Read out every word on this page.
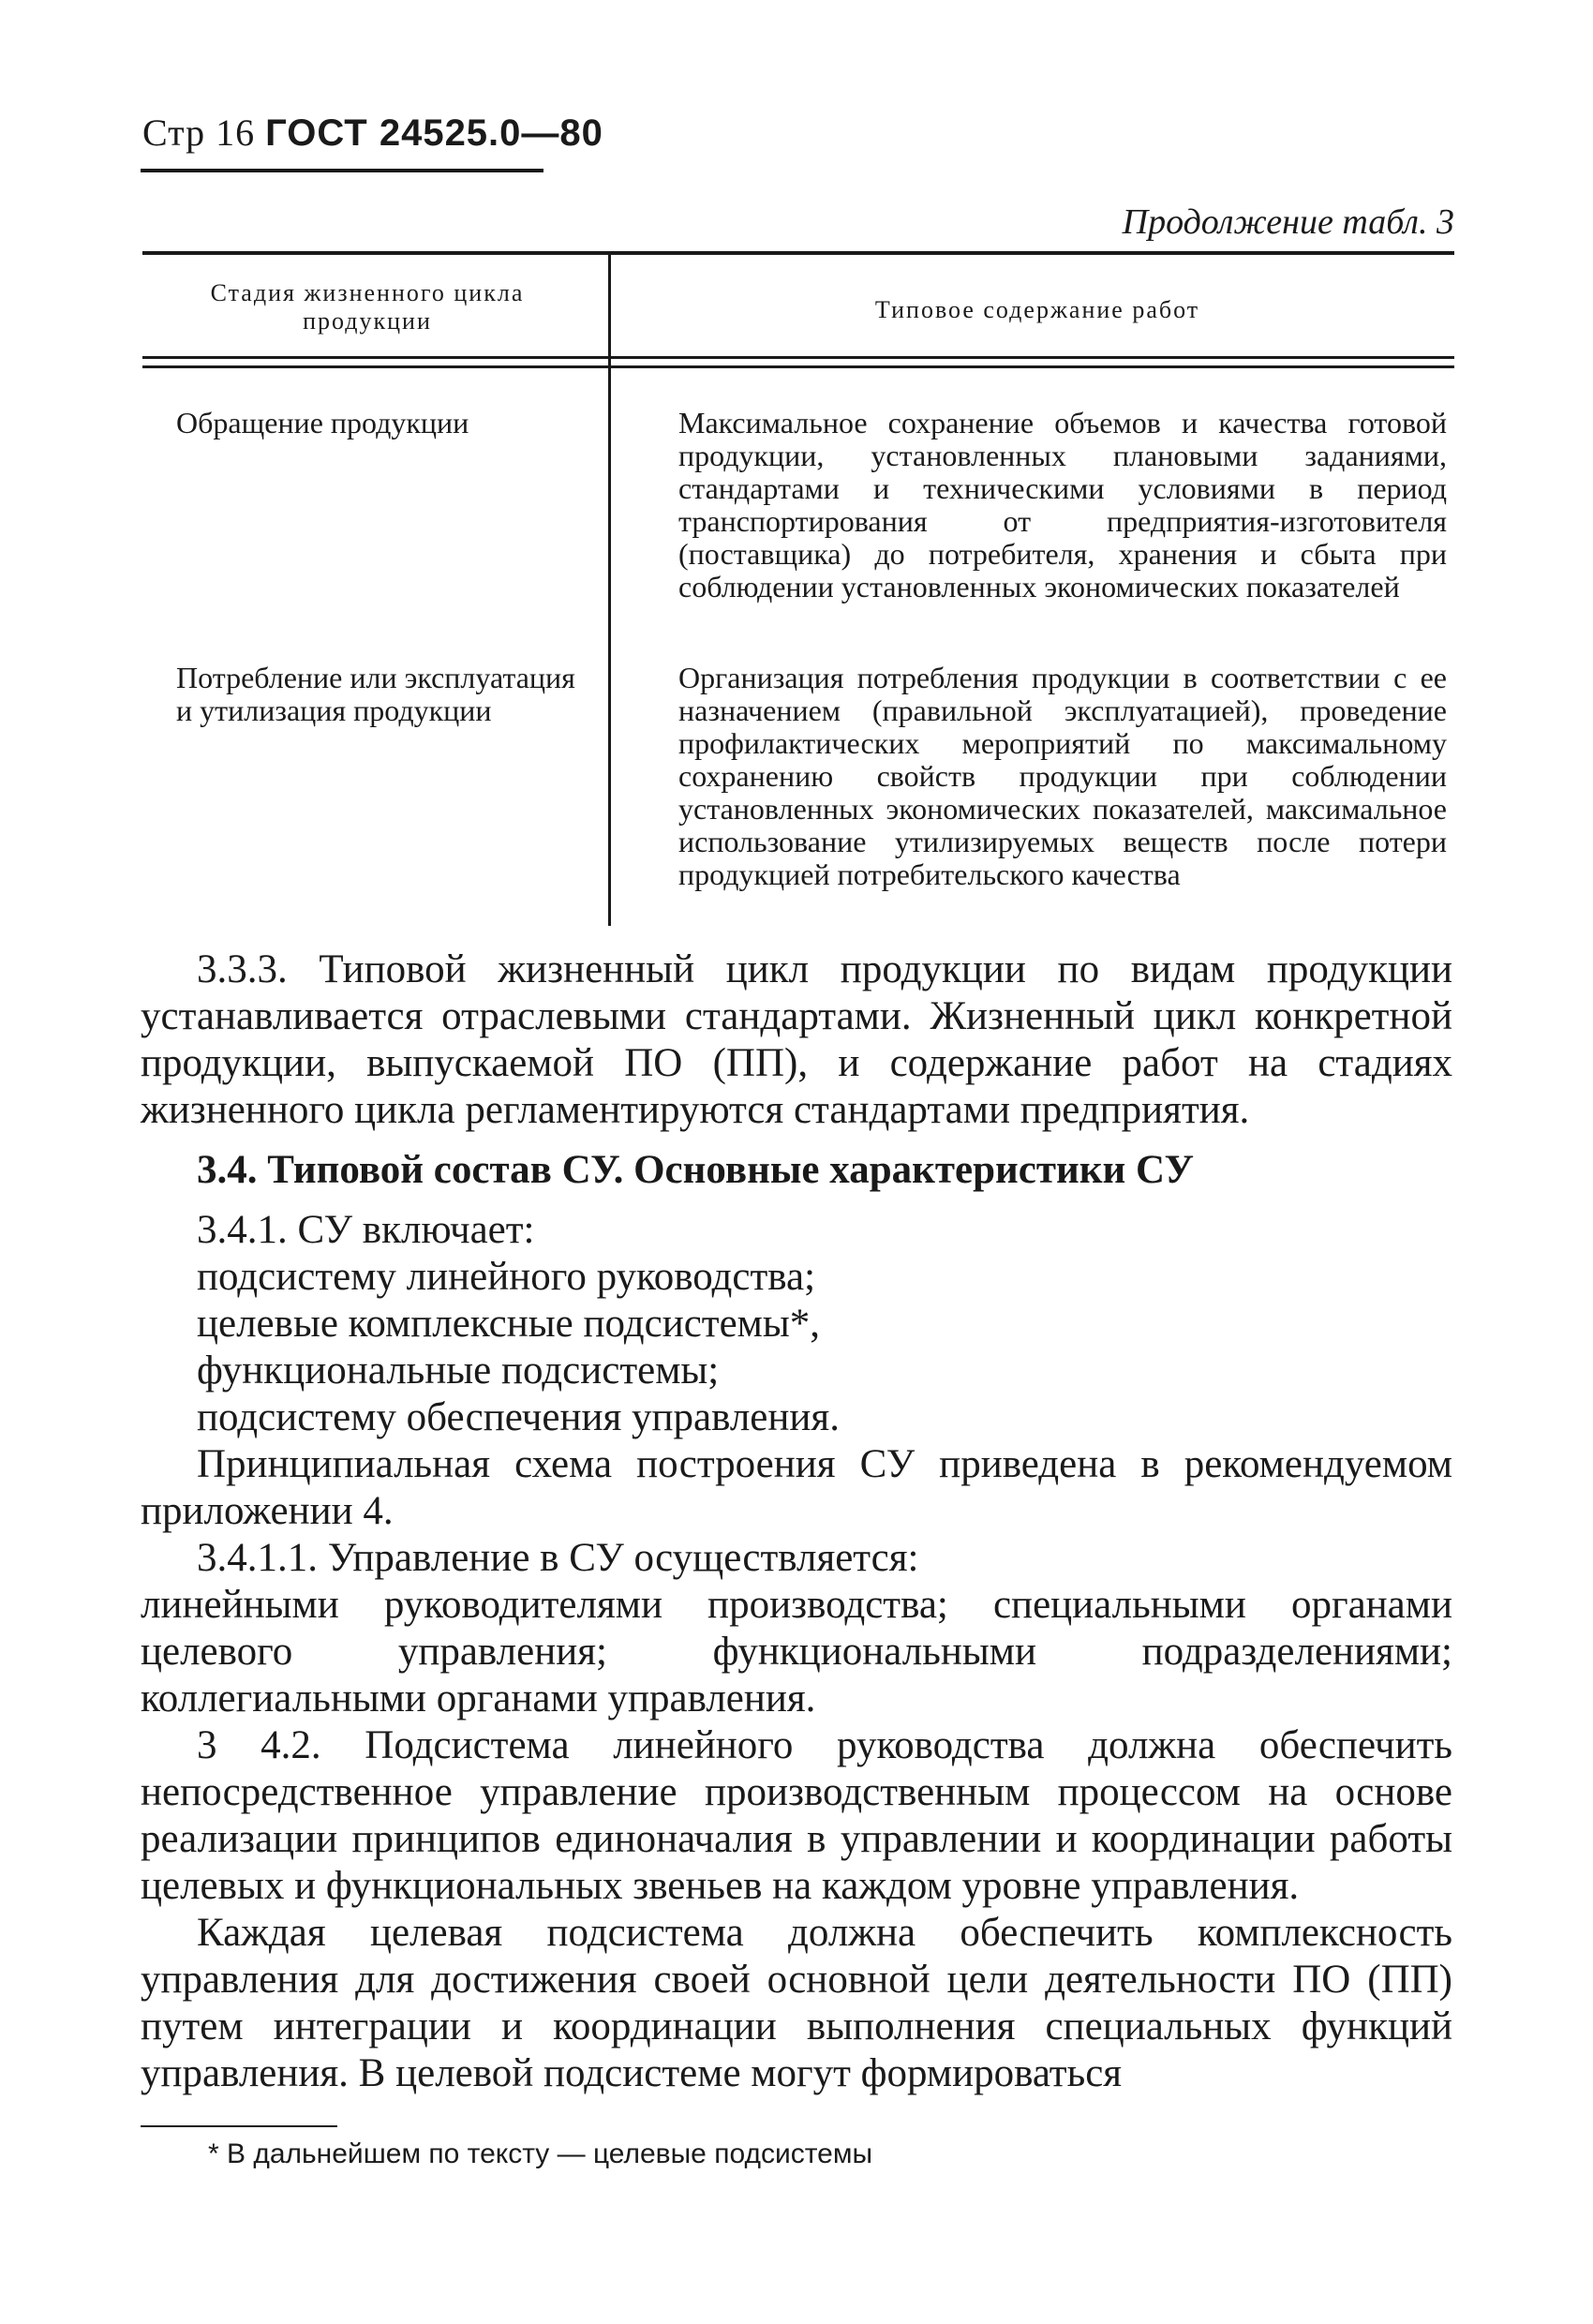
Стр 16 ГОСТ 24525.0—80
Продолжение табл. 3
Стадия жизненного цикла продукции	Типовое содержание работ
Обращение продукции	Максимальное сохранение объемов и качества готовой продукции, установленных плановыми заданиями, стандартами и техническими условиями в период транспортирования от предприятия-изготовителя (поставщика) до потребителя, хранения и сбыта при соблюдении установленных экономических показателей
Потребление или эксплуатация и утилизация продукции
Организация потребления продукции в соответствии с ее назначением (правильной эксплуатацией), проведение профилактических мероприятий по максимальному сохранению свойств продукции при соблюдении установленных экономических показателей, максимальное использование утилизируемых веществ после потери продукцией потребительского качества

3.3.3. Типовой жизненный цикл продукции по видам продукции устанавливается отраслевыми стандартами. Жизненный цикл конкретной продукции, выпускаемой ПО (ПП), и содержание работ на стадиях жизненного цикла регламентируются стандартами предприятия.

3.4. Типовой состав СУ. Основные характеристики СУ

3.4.1. СУ включает:

подсистему линейного руководства;

целевые комплексные подсистемы*,

функциональные подсистемы;

подсистему обеспечения управления.

Принципиальная схема построения СУ приведена в рекомендуемом приложении 4.

3.4.1.1. Управление в СУ осуществляется:

линейными руководителями производства; специальными органами целевого управления; функциональными подразделениями; коллегиальными органами управления.

3 4.2. Подсистема линейного руководства должна обеспечить непосредственное управление производственным процессом на основе реализации принципов единоначалия в управлении и координации работы целевых и функциональных звеньев на каждом уровне управления.

Каждая целевая подсистема должна обеспечить комплексность управления для достижения своей основной цели деятельности ПО (ПП) путем интеграции и координации выполнения специальных функций управления. В целевой подсистеме могут формироваться

* В дальнейшем по тексту — целевые подсистемы
